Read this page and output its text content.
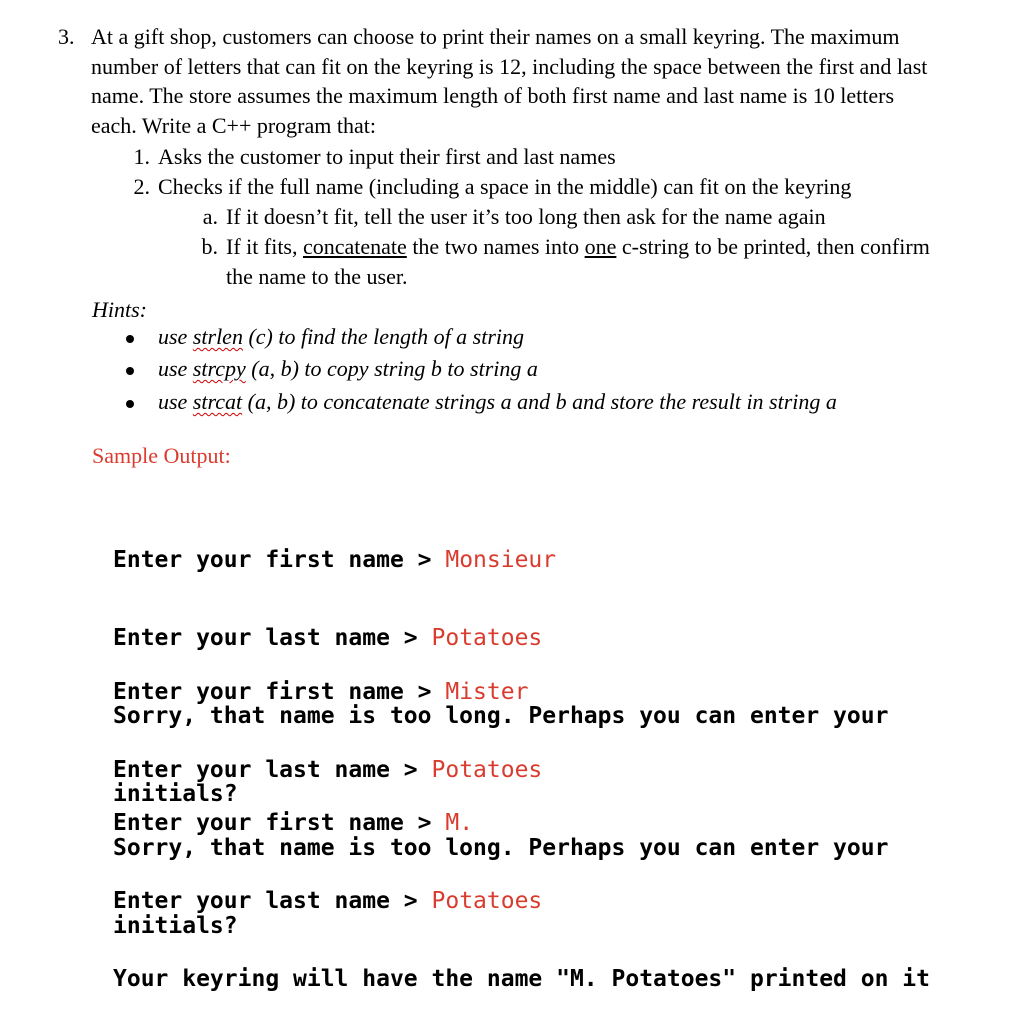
3. At a gift shop, customers can choose to print their names on a small keyring. The maximum
number of letters that can fit on the keyring is 12, including the space between the first and last
name. The store assumes the maximum length of both first name and last name is 10 letters
each. Write a C++ program that:
1. Asks the customer to input their first and last names
2. Checks if the full name (including a space in the middle) can fit on the keyring
a. If it doesn’t fit, tell the user it’s too long then ask for the name again
b. If it fits, concatenate the two names into one c-string to be printed, then confirm
the name to the user.
Hints:
use strlen (c) to find the length of a string
use strcpy (a, b) to copy string b to string a
use strcat (a, b) to concatenate strings a and b and store the result in string a
Sample Output:

Enter your first name > Monsieur

Enter your last name > Potatoes

Sorry, that name is too long. Perhaps you can enter your

initials?

Enter your first name > Mister

Enter your last name > Potatoes

Sorry, that name is too long. Perhaps you can enter your

initials?

Enter your first name > M.

Enter your last name > Potatoes

Your keyring will have the name "M. Potatoes" printed on it
